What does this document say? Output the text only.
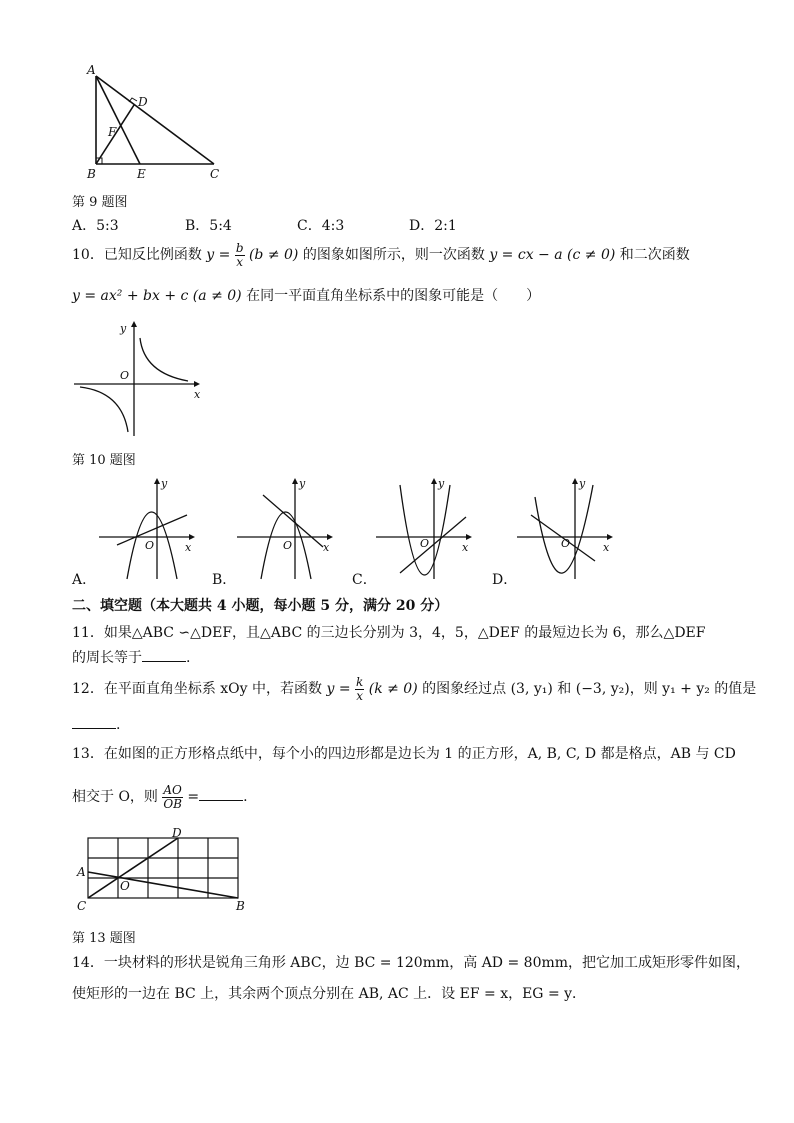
A
D
F
B	E	C
第 9 题图
A．5:3	B．5:4	C．4:3	D．2:1
10．已知反比例函数 $y = \frac{b}{x} (b \ne 0)$ 的图象如图所示，则一次函数 y = cx − a (c ≠ 0) 和二次函数
y = ax² + bx + c (a ≠ 0) 在同一平面直角坐标系中的图象可能是（　　）
y
O
x
第 10 题图
y
O	x
y
O	x
y
O	x
y
O	x
A．	B．	C．	D．
二、填空题（本大题共 4 小题，每小题 5 分，满分 20 分）
11．如果△ABC ∽△DEF，且△ABC 的三边长分别为 3，4，5，△DEF 的最短边长为 6，那么△DEF
的周长等于	.
12．在平面直角坐标系 xOy 中，若函数 $y = \frac{k}{x} (k \ne 0)$ 的图象经过点 (3, y₁) 和 (−3, y₂)，则 y₁ + y₂ 的值是
.
13．在如图的正方形格点纸中，每个小的四边形都是边长为 1 的正方形，A, B, C, D 都是格点，AB 与 CD
相交于 O，则 $\frac{AO}{OB}$ =	.
D
A
O
C	B
第 13 题图
14．一块材料的形状是锐角三角形 ABC，边 BC = 120mm，高 AD = 80mm，把它加工成矩形零件如图，
使矩形的一边在 BC 上，其余两个顶点分别在 AB, AC 上．设 EF = x，EG = y．
